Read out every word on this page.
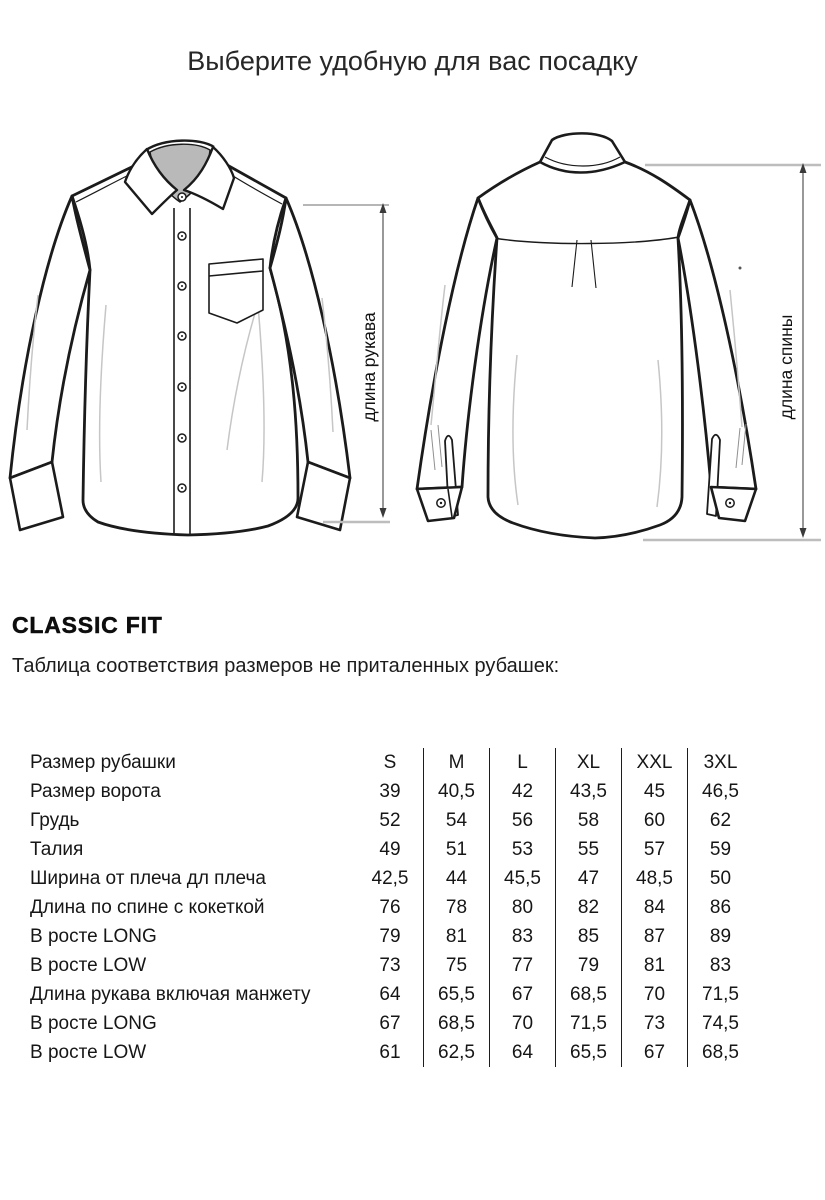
Выберите удобную для вас посадку
длина рукава	длина спины
CLASSIC FIT

Таблица соответствия размеров не приталенных рубашек:

Размер рубашки	S	M	L	XL	XXL	3XL
Размер ворота	39	40,5	42	43,5	45	46,5
Грудь	52	54	56	58	60	62
Талия	49	51	53	55	57	59
Ширина от плеча дл плеча	42,5	44	45,5	47	48,5	50
Длина по спине с кокеткой	76	78	80	82	84	86
В росте LONG	79	81	83	85	87	89
В росте LOW	73	75	77	79	81	83
Длина рукава включая манжету	64	65,5	67	68,5	70	71,5
В росте LONG	67	68,5	70	71,5	73	74,5
В росте LOW	61	62,5	64	65,5	67	68,5
